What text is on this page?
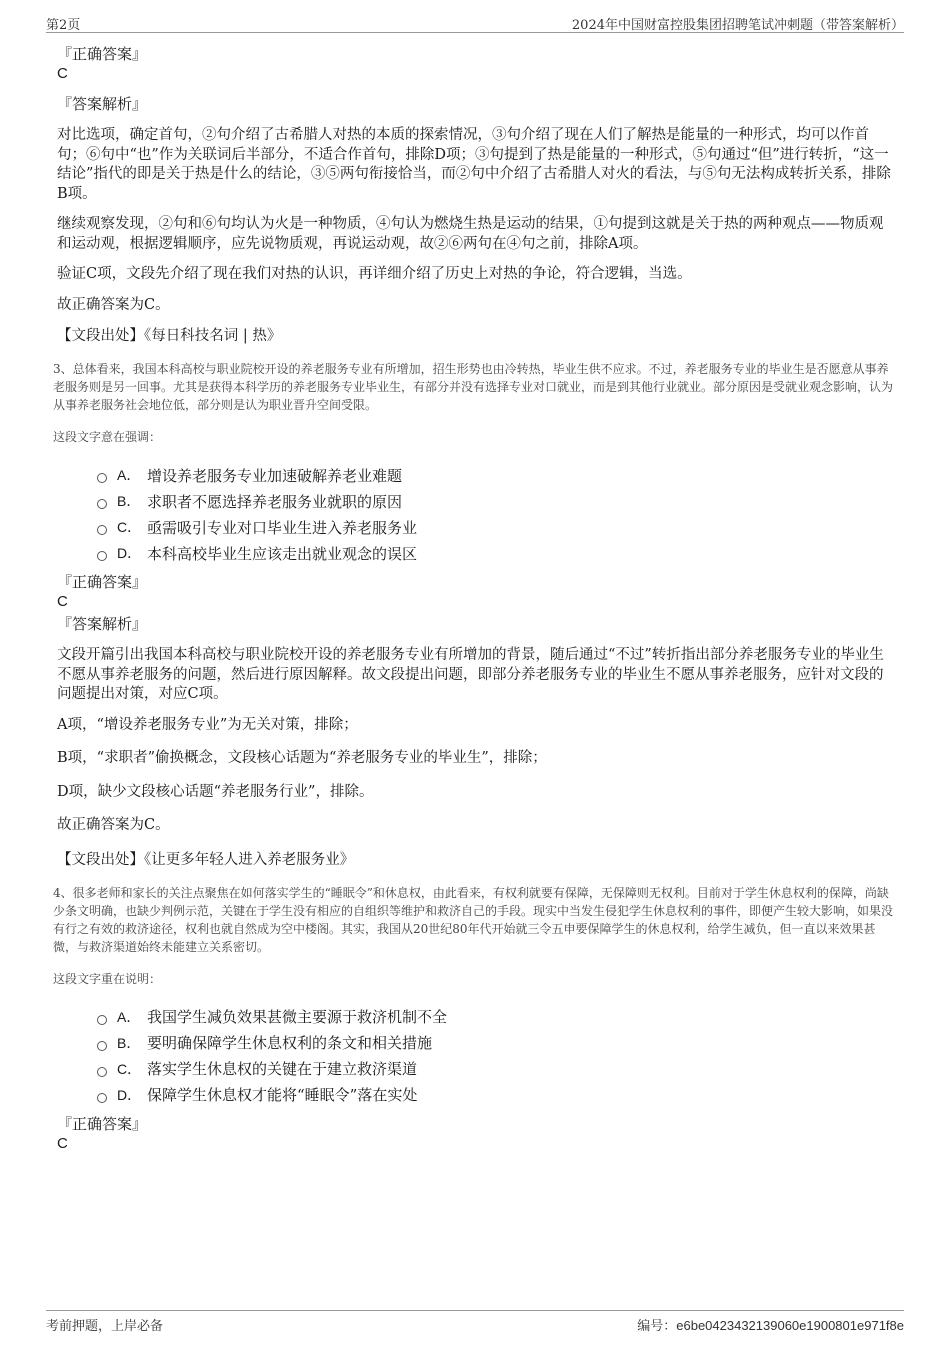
第2页	2024年中国财富控股集团招聘笔试冲刺题（带答案解析）

『正确答案』

C

『答案解析』

对比选项，确定首句，②句介绍了古希腊人对热的本质的探索情况，③句介绍了现在人们了解热是能量的一种形式，均可以作首句；⑥句中“也”作为关联词后半部分，不适合作首句，排除D项；③句提到了热是能量的一种形式，⑤句通过“但”进行转折，“这一结论”指代的即是关于热是什么的结论，③⑤两句衔接恰当，而②句中介绍了古希腊人对火的看法，与⑤句无法构成转折关系，排除B项。

继续观察发现，②句和⑥句均认为火是一种物质，④句认为燃烧生热是运动的结果，①句提到这就是关于热的两种观点——物质观和运动观，根据逻辑顺序，应先说物质观，再说运动观，故②⑥两句在④句之前，排除A项。

验证C项，文段先介绍了现在我们对热的认识，再详细介绍了历史上对热的争论，符合逻辑，当选。

故正确答案为C。

【文段出处】《每日科技名词 | 热》

3、总体看来，我国本科高校与职业院校开设的养老服务专业有所增加，招生形势也由冷转热，毕业生供不应求。不过，养老服务专业的毕业生是否愿意从事养老服务则是另一回事。尤其是获得本科学历的养老服务专业毕业生，有部分并没有选择专业对口就业，而是到其他行业就业。部分原因是受就业观念影响，认为从事养老服务社会地位低，部分则是认为职业晋升空间受限。

这段文字意在强调：

A． 增设养老服务专业加速破解养老业难题
B． 求职者不愿选择养老服务业就职的原因
C． 亟需吸引专业对口毕业生进入养老服务业
D． 本科高校毕业生应该走出就业观念的误区

『正确答案』

C

『答案解析』

文段开篇引出我国本科高校与职业院校开设的养老服务专业有所增加的背景，随后通过“不过”转折指出部分养老服务专业的毕业生不愿从事养老服务的问题，然后进行原因解释。故文段提出问题，即部分养老服务专业的毕业生不愿从事养老服务，应针对文段的问题提出对策，对应C项。

A项，“增设养老服务专业”为无关对策，排除；

B项，“求职者”偷换概念，文段核心话题为“养老服务专业的毕业生”，排除；

D项，缺少文段核心话题“养老服务行业”，排除。

故正确答案为C。

【文段出处】《让更多年轻人进入养老服务业》

4、很多老师和家长的关注点聚焦在如何落实学生的“睡眠令”和休息权，由此看来，有权利就要有保障，无保障则无权利。目前对于学生休息权利的保障，尚缺少条文明确，也缺少判例示范，关键在于学生没有相应的自组织等维护和救济自己的手段。现实中当发生侵犯学生休息权利的事件，即便产生较大影响，如果没有行之有效的救济途径，权利也就自然成为空中楼阁。其实，我国从20世纪80年代开始就三令五申要保障学生的休息权利，给学生减负，但一直以来效果甚微，与救济渠道始终未能建立关系密切。

这段文字重在说明：

A． 我国学生减负效果甚微主要源于救济机制不全
B． 要明确保障学生休息权利的条文和相关措施
C． 落实学生休息权的关键在于建立救济渠道
D． 保障学生休息权才能将“睡眠令”落在实处

『正确答案』

C

考前押题，上岸必备	编号：e6be0423432139060e1900801e971f8e
